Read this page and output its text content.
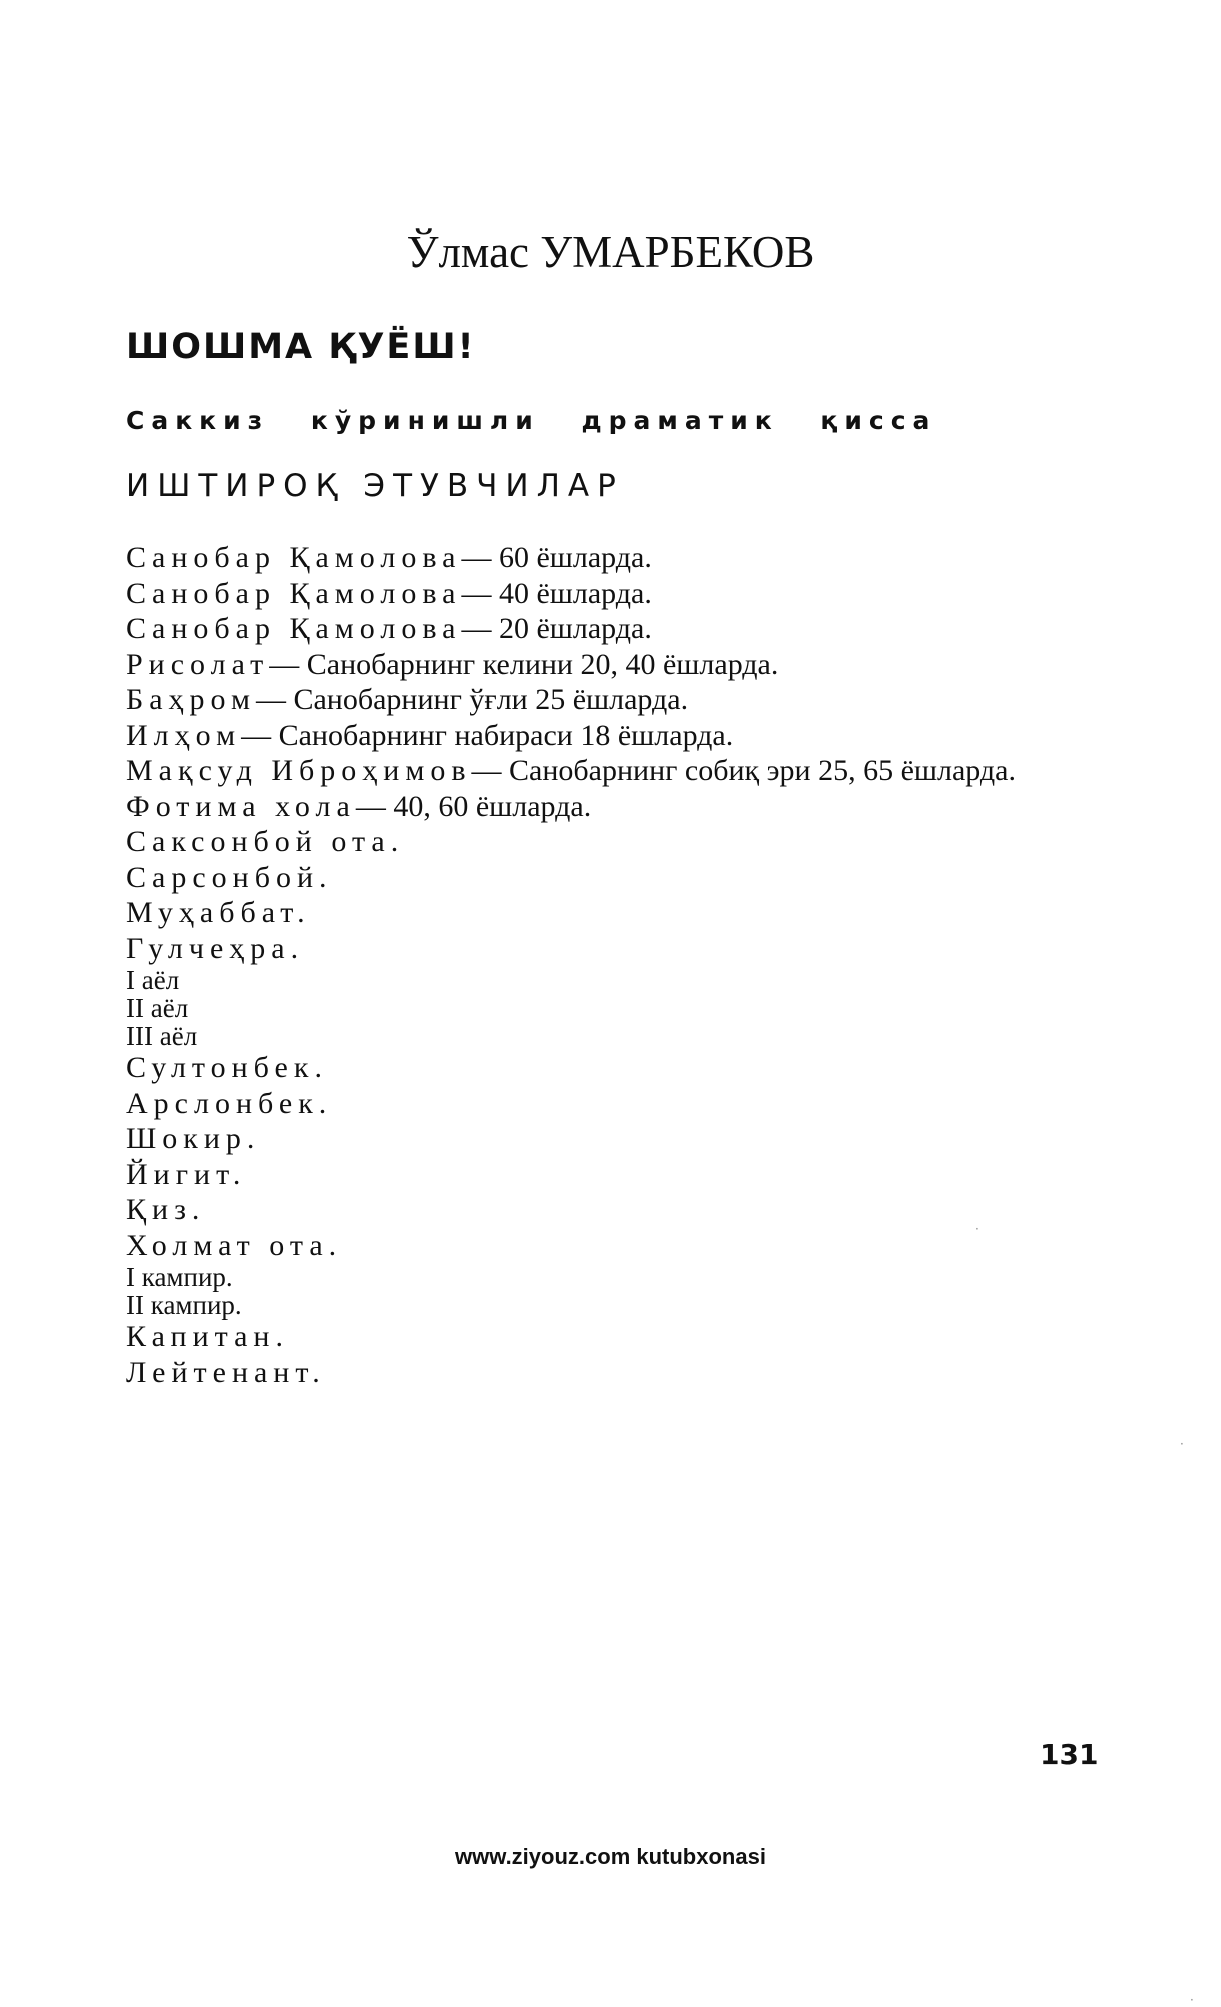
Ўлмас УМАРБЕКОВ
ШОШМА ҚУЁШ!
Саккиз кўринишли драматик қисса
ИШТИРОҚ ЭТУВЧИЛАР
Санобар Қамолова— 60 ёшларда.
Санобар Қамолова— 40 ёшларда.
Санобар Қамолова— 20 ёшларда.
Рисолат— Санобарнинг келини 20, 40 ёшларда.
Баҳром— Санобарнинг ўғли 25 ёшларда.
Илҳом— Санобарнинг набираси 18 ёшларда.
Мақсуд Иброҳимов— Санобарнинг собиқ эри 25, 65 ёшларда.
Фотима хола— 40, 60 ёшларда.
Саксонбой ота.
Сарсонбой.
Муҳаббат.
Гулчеҳра.
I аёл
II аёл
III аёл
Султонбек.
Арслонбек.
Шокир.
Йигит.
Қиз.
Холмат ота.
I кампир.
II кампир.
Капитан.
Лейтенант.
131
www.ziyouz.com kutubxonasi
·
·
·
